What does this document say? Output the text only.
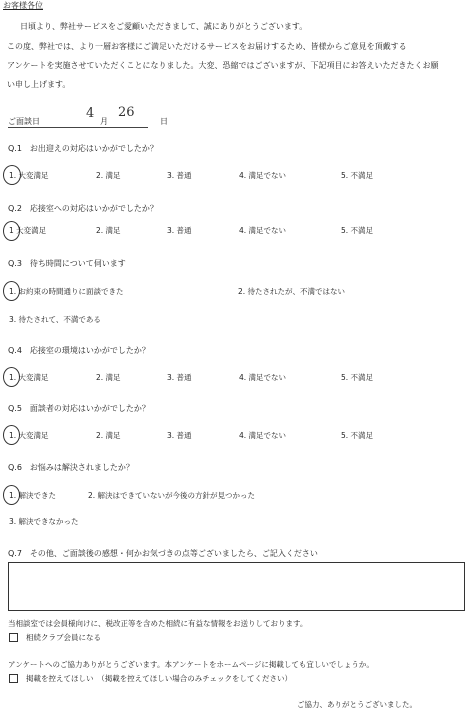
お客様各位
日頃より、弊社サービスをご愛顧いただきまして、誠にありがとうございます。
この度、弊社では、より一層お客様にご満足いただけるサービスをお届けするため、皆様からご意見を頂戴する
アンケートを実施させていただくことになりました。大変、恐縮ではございますが、下記項目にお答えいただきたくお願
い申し上げます。
ご面談日
4
月
26
日
Q.1　お出迎えの対応はいかがでしたか？
1. 大変満足	2. 満足	3. 普通	4. 満足でない	5. 不満足
Q.2　応接室への対応はいかがでしたか？
1 大変満足	2. 満足	3. 普通	4. 満足でない	5. 不満足
Q.3　待ち時間について伺います
1. お約束の時間通りに面談できた	2. 待たされたが、不満ではない
3. 待たされて、不満である
Q.4　応接室の環境はいかがでしたか？
1. 大変満足	2. 満足	3. 普通	4. 満足でない	5. 不満足
Q.5　面談者の対応はいかがでしたか？
1. 大変満足	2. 満足	3. 普通	4. 満足でない	5. 不満足
Q.6　お悩みは解決されましたか？
1. 解決できた	2. 解決はできていないが今後の方針が見つかった
3. 解決できなかった
Q.7　その他、ご面談後の感想・何かお気づきの点等ございましたら、ご記入ください
当相談室では会員様向けに、税改正等を含めた相続に有益な情報をお送りしております。
相続クラブ会員になる
アンケートへのご協力ありがとうございます。本アンケートをホームページに掲載しても宜しいでしょうか。
掲載を控えてほしい　（掲載を控えてほしい場合のみチェックをしてください）
ご協力、ありがとうございました。
